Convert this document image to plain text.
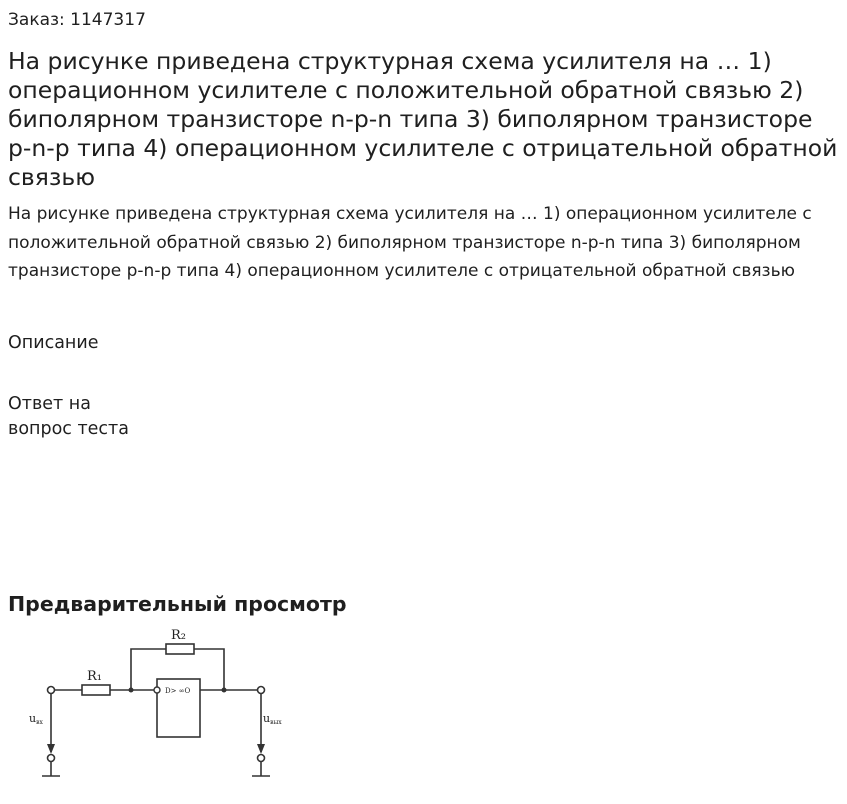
Заказ: 1147317
На рисунке приведена структурная схема усилителя на … 1) операционном усилителе с положительной обратной связью 2) биполярном транзисторе n-p-n типа 3) биполярном транзисторе p-n-p типа 4) операционном усилителе с отрицательной обратной связью

На рисунке приведена структурная схема усилителя на … 1) операционном усилителе с положительной обратной связью 2) биполярном транзисторе n-p-n типа 3) биполярном транзисторе p-n-p типа 4) операционном усилителе с отрицательной обратной связью

Описание
Ответ на
вопрос теста
Предварительный просмотр
R₁
R₂
D> ∞O
uвх	uвых
